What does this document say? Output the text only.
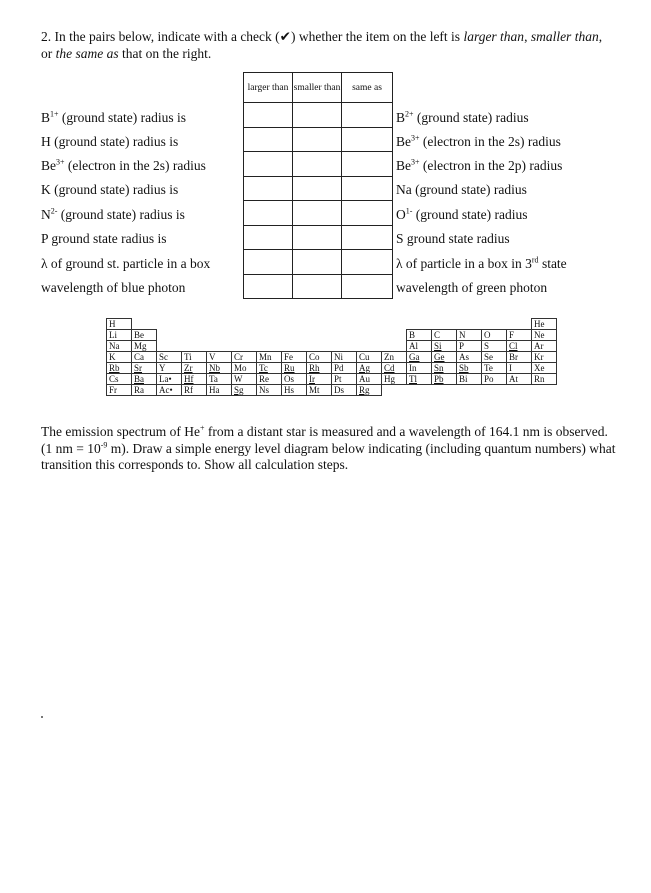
2. In the pairs below, indicate with a check (✔) whether the item on the left is larger than, smaller than, or the same as that on the right.
larger than	smaller than	same as

$B^{1+}$ (ground state) radius is	$B^{2+}$ (ground state) radius
H (ground state) radius is	$Be^{3+}$ (electron in the 2s) radius
$Be^{3+}$ (electron in the 2s) radius	$Be^{3+}$ (electron in the 2p) radius
K (ground state) radius is	Na (ground state) radius
$N^{2-}$ (ground state) radius is	$O^{1-}$ (ground state) radius
P ground state radius is	S ground state radius
λ of ground st. particle in a box	λ of particle in a box in 3rd state
wavelength of blue photon	wavelength of green photon
H																	He
Li	Be											B	C	N	O	F	Ne
Na	Mg											Al	Si	P	S	Cl	Ar
K	Ca	Sc	Ti	V	Cr	Mn	Fe	Co	Ni	Cu	Zn	Ga	Ge	As	Se	Br	Kr
Rb	Sr	Y	Zr	Nb	Mo	Tc	Ru	Rh	Pd	Ag	Cd	In	Sn	Sb	Te	I	Xe
Cs	Ba	La•	Hf	Ta	W	Re	Os	Ir	Pt	Au	Hg	Tl	Pb	Bi	Po	At	Rn
Fr	Ra	Ac•	Rf	Ha	Sg	Ns	Hs	Mt	Ds	Rg							
The emission spectrum of He+ from a distant star is measured and a wavelength of 164.1 nm is observed. (1 nm = $10^{-9}$ m). Draw a simple energy level diagram below indicating (including quantum numbers) what transition this corresponds to. Show all calculation steps.
